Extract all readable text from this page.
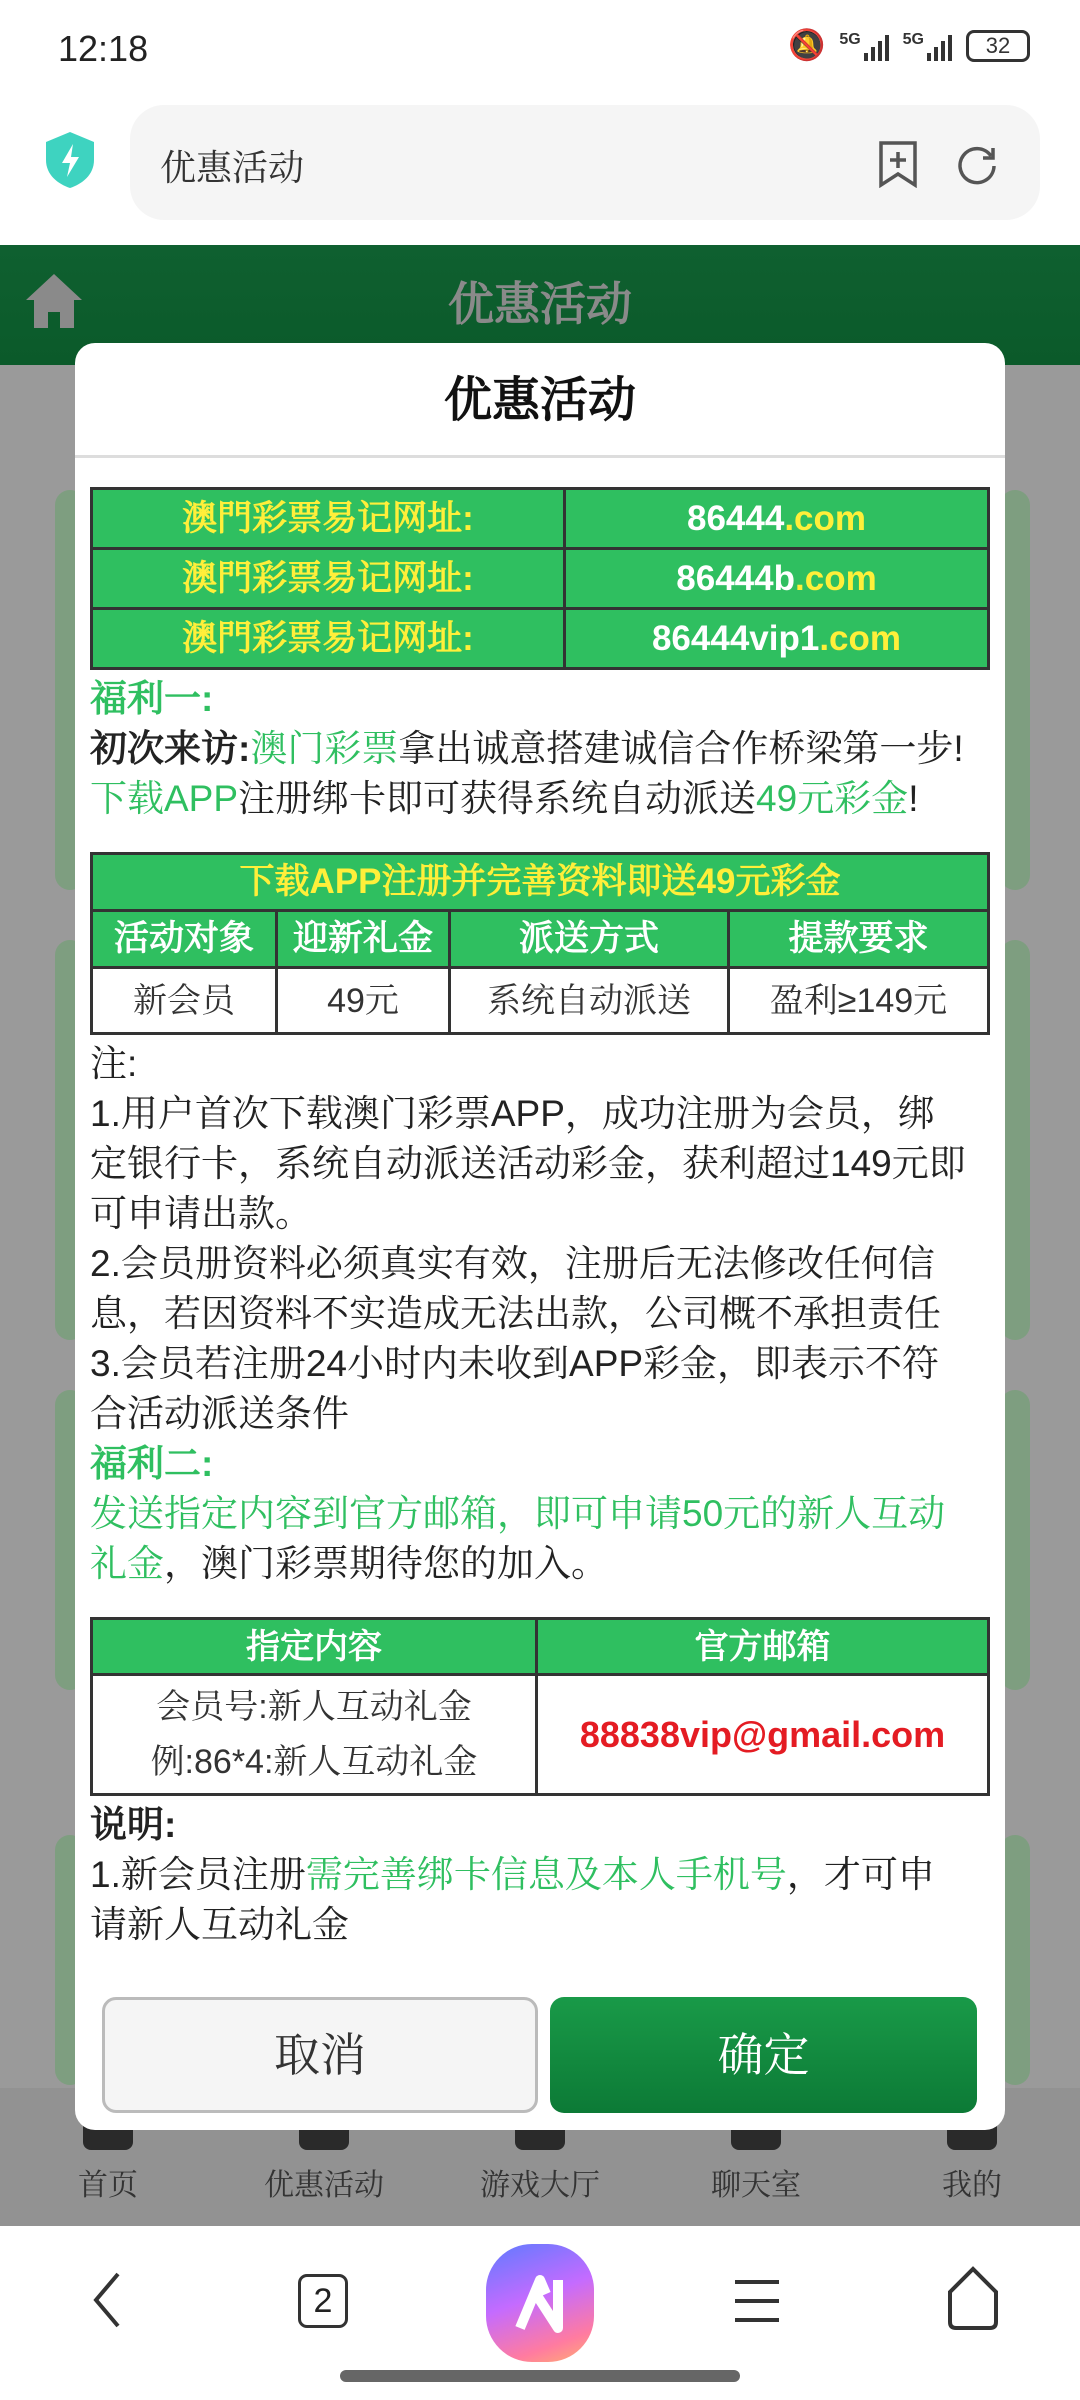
12:18	🔕 5G	5G	32
优惠活动
优惠活动
首页	优惠活动	游戏大厅	聊天室	我的
2
优惠活动
澳門彩票易记网址:	86444.com
澳門彩票易记网址:	86444b.com
澳門彩票易记网址:	86444vip1.com

福利一:

初次来访:澳门彩票拿出诚意搭建诚信合作桥梁第一步!下载APP注册绑卡即可获得系统自动派送49元彩金!

下载APP注册并完善资料即送49元彩金			
活动对象	迎新礼金	派送方式	提款要求
新会员	49元	系统自动派送	盈利≥149元

注:

1.用户首次下载澳门彩票APP，成功注册为会员，绑定银行卡，系统自动派送活动彩金，获利超过149元即可申请出款。

2.会员册资料必须真实有效，注册后无法修改任何信息，若因资料不实造成无法出款，公司概不承担责任

3.会员若注册24小时内未收到APP彩金，即表示不符合活动派送条件

福利二:

发送指定内容到官方邮箱，即可申请50元的新人互动礼金，澳门彩票期待您的加入。

指定内容	官方邮箱

会员号:新人互动礼金
例:86*4:新人互动礼金	88838vip@gmail.com

说明:

1.新会员注册需完善绑卡信息及本人手机号，才可申请新人互动礼金

取消	确定
